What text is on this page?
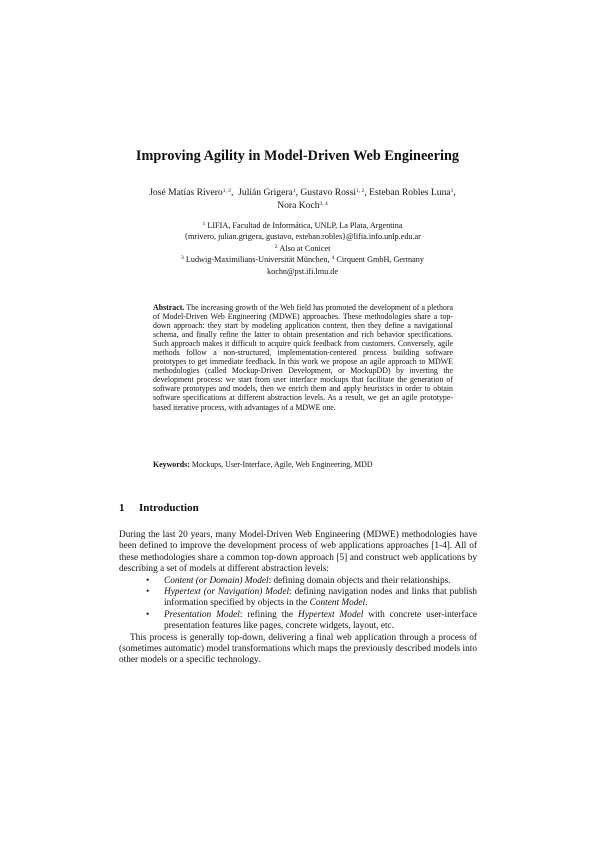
Improving Agility in Model-Driven Web Engineering
José Matías Rivero$^{1, 2}$,  Julián Grigera$^1$, Gustavo Rossi$^{1, 2}$, Esteban Robles Luna$^1$,
Nora Koch$^{3, 4}$
$^1$ LIFIA, Facultad de Informática, UNLP, La Plata, Argentina
{mrivero, julian.grigera, gustavo, esteban.robles}@lifia.info.unlp.edu.ar
$^2$ Also at Conicet
$^3$ Ludwig-Maximilians-Universität München, $^4$ Cirquent GmbH, Germany
kochn@pst.ifi.lmu.de
Abstract. The increasing growth of the Web field has promoted the development of a plethora of Model-Driven Web Engineering (MDWE) approaches. These methodologies share a top-down approach: they start by modeling application content, then they define a navigational schema, and finally refine the latter to obtain presentation and rich behavior specifications. Such approach makes it difficult to acquire quick feedback from customers. Conversely, agile methods follow a non-structured, implementation-centered process building software prototypes to get immediate feedback. In this work we propose an agile approach to MDWE methodologies (called Mockup-Driven Development, or MockupDD) by inverting the development process: we start from user interface mockups that facilitate the generation of software prototypes and models, then we enrich them and apply heuristics in order to obtain software specifications at different abstraction levels. As a result, we get an agile prototype-based iterative process, with advantages of a MDWE one.
Keywords: Mockups, User-Interface, Agile, Web Engineering, MDD
1 Introduction

During the last 20 years, many Model-Driven Web Engineering (MDWE) methodologies have been defined to improve the development process of web applications approaches [1-4]. All of these methodologies share a common top-down approach [5] and construct web applications by describing a set of models at different abstraction levels:

• Content (or Domain) Model: defining domain objects and their relationships.
• Hypertext (or Navigation) Model: defining navigation nodes and links that publish information specified by objects in the Content Model.
• Presentation Model: refining the Hypertext Model with concrete user-interface presentation features like pages, concrete widgets, layout, etc.

This process is generally top-down, delivering a final web application through a process of (sometimes automatic) model transformations which maps the previously described models into other models or a specific technology.
